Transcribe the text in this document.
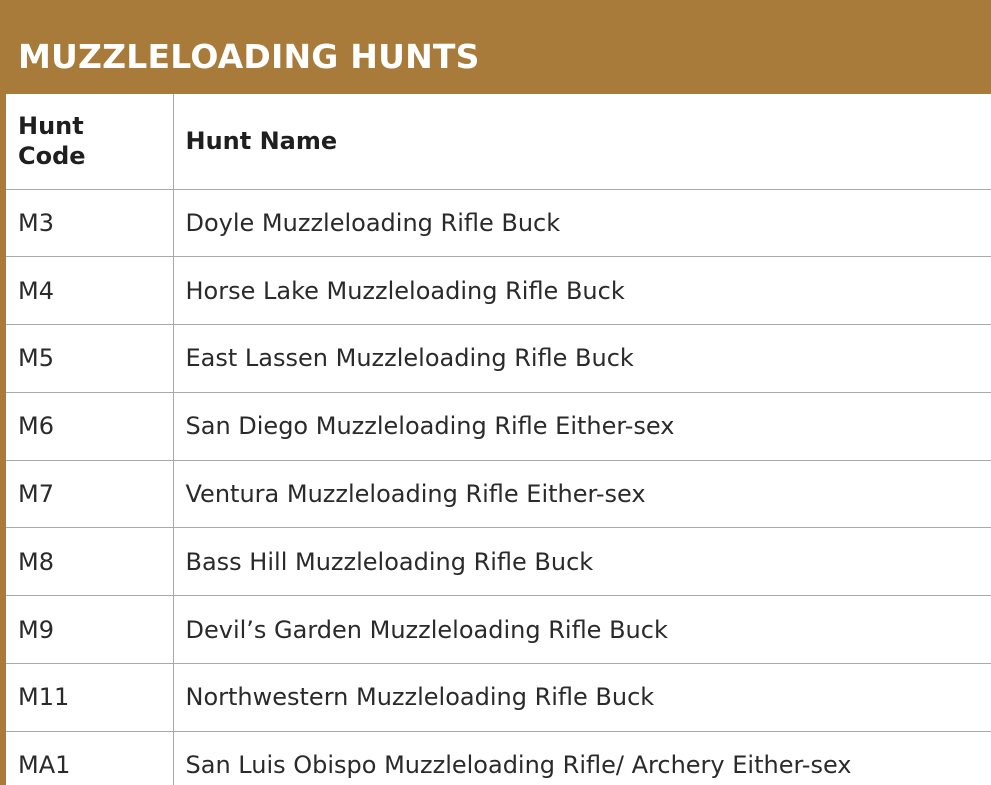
MUZZLELOADING HUNTS
Hunt Code	Hunt Name
M3	Doyle Muzzleloading Rifle Buck
M4	Horse Lake Muzzleloading Rifle Buck
M5	East Lassen Muzzleloading Rifle Buck
M6	San Diego Muzzleloading Rifle Either-sex
M7	Ventura Muzzleloading Rifle Either-sex
M8	Bass Hill Muzzleloading Rifle Buck
M9	Devil’s Garden Muzzleloading Rifle Buck
M11	Northwestern Muzzleloading Rifle Buck
MA1	San Luis Obispo Muzzleloading Rifle/ Archery Either-sex
